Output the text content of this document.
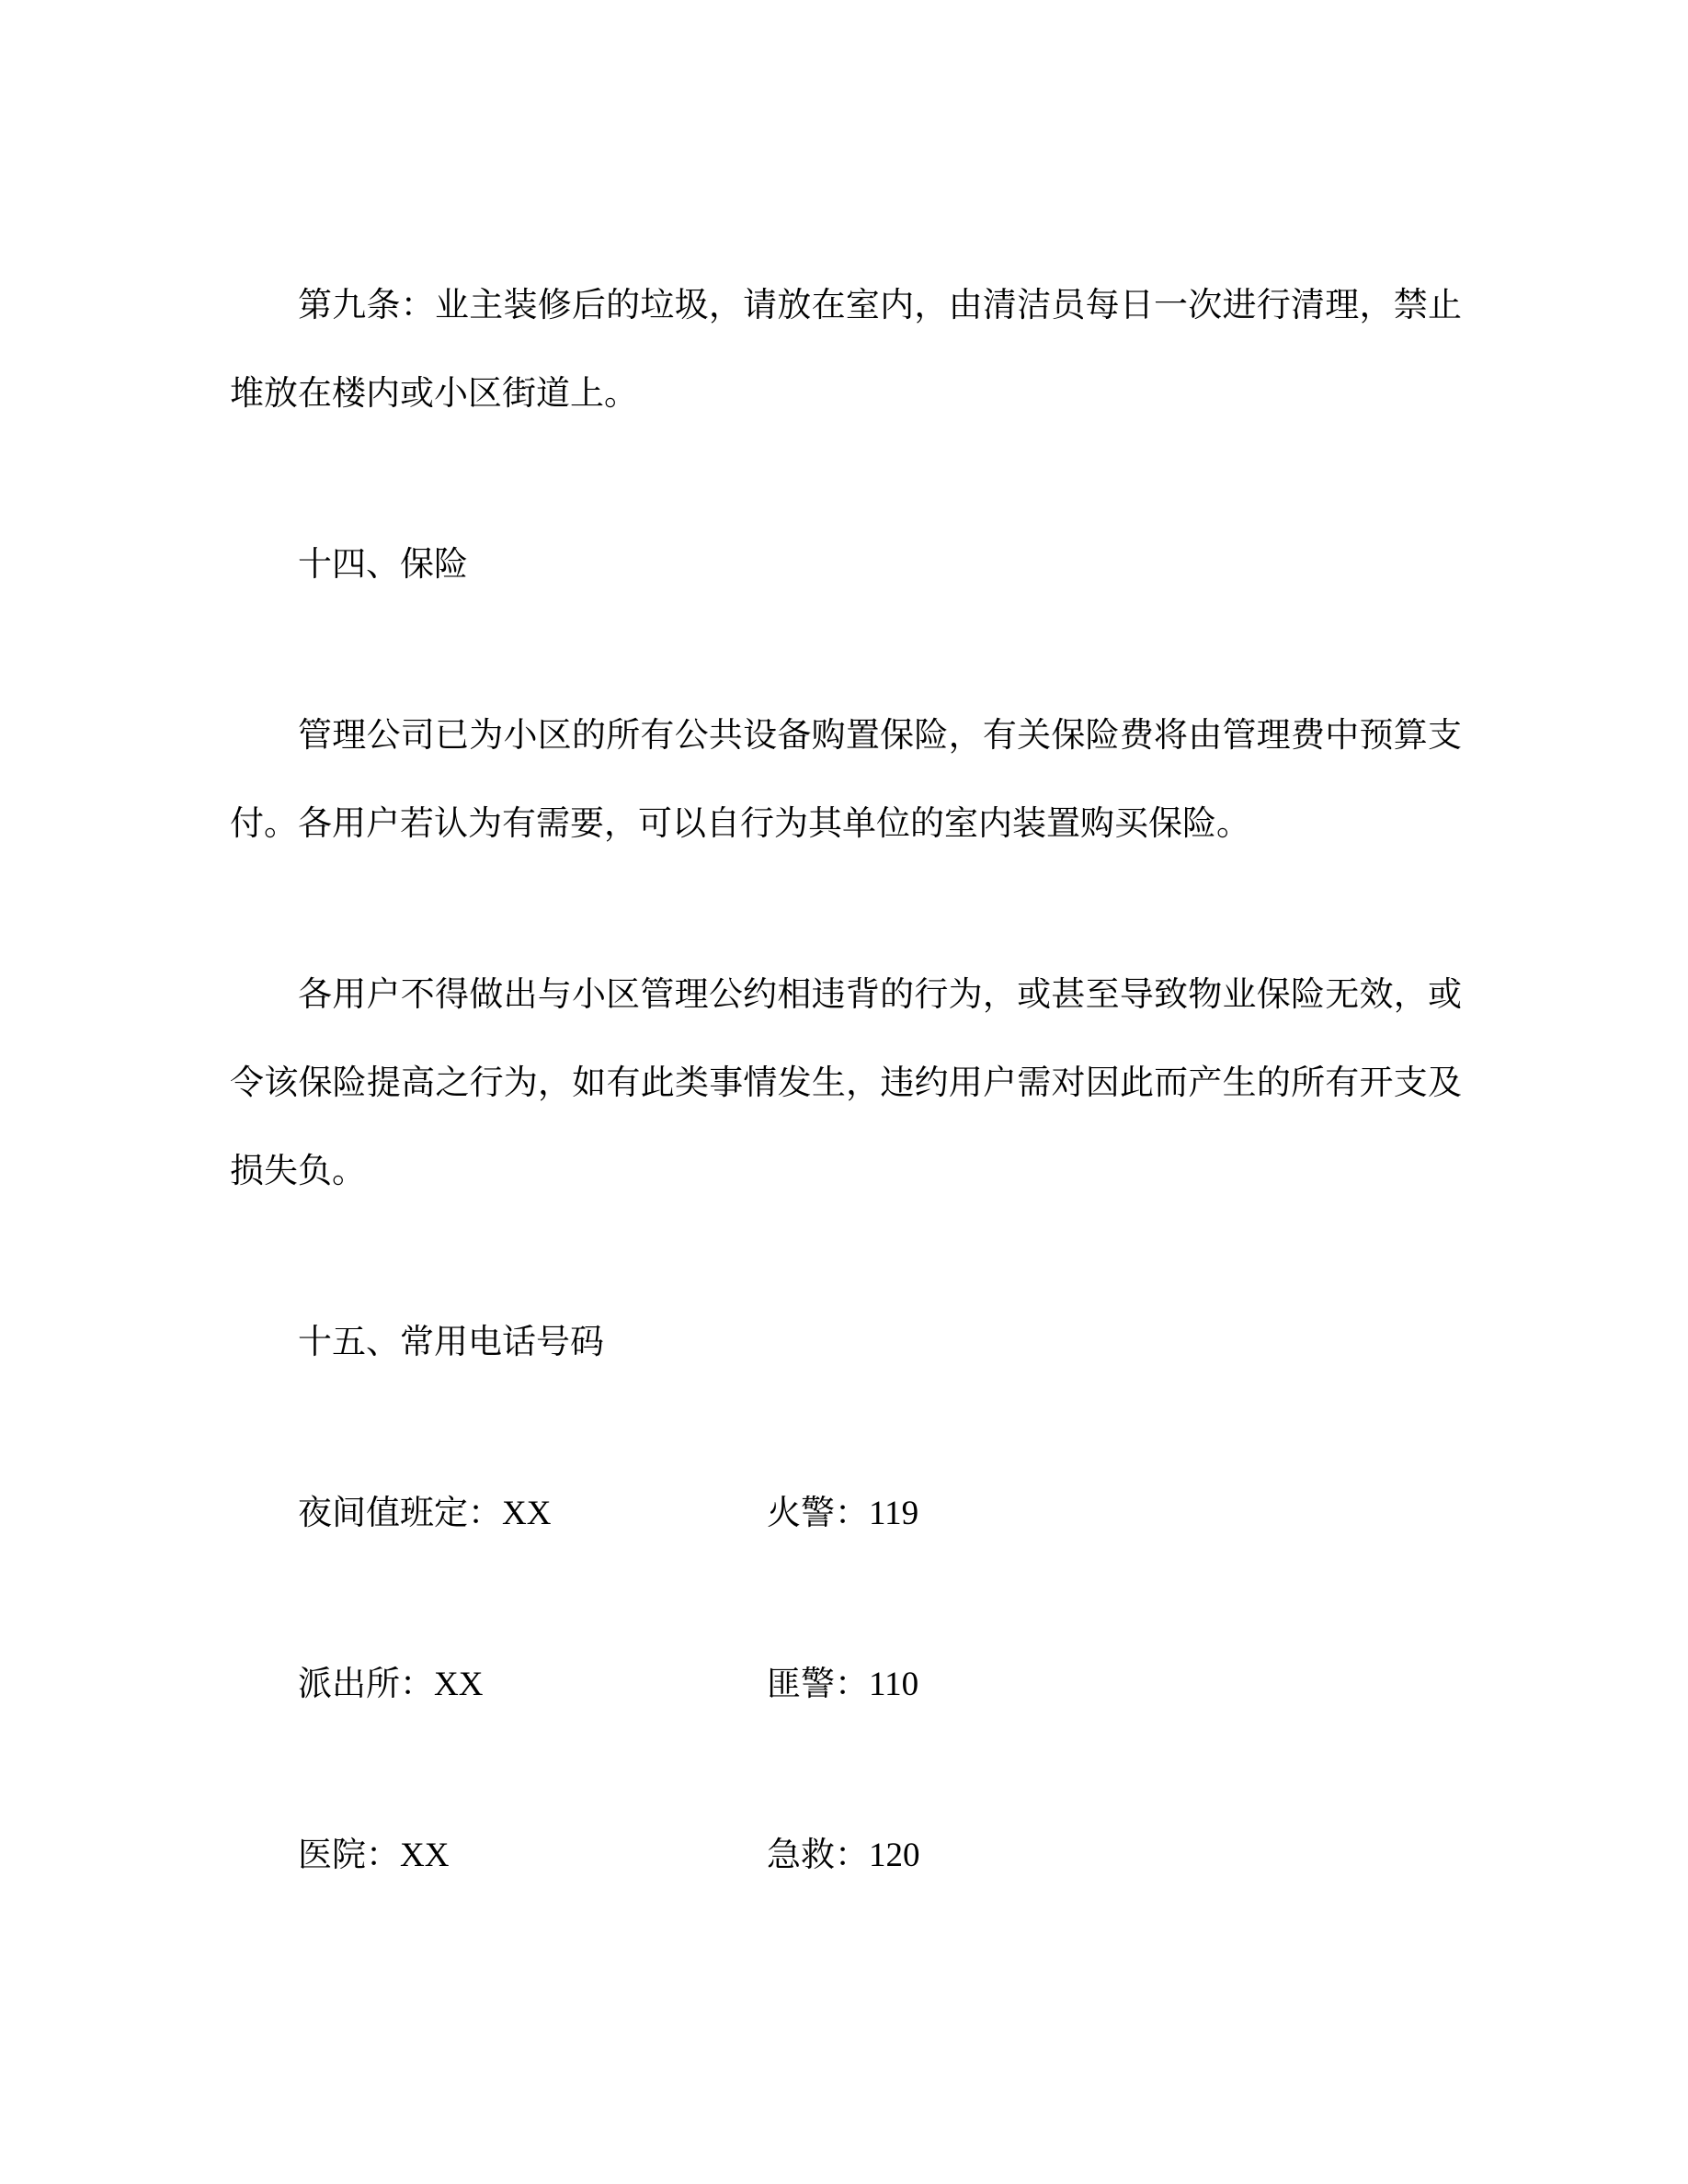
第九条：业主装修后的垃圾，请放在室内，由清洁员每日一次进行清理，禁止堆放在楼内或小区街道上。

十四、保险

管理公司已为小区的所有公共设备购置保险，有关保险费将由管理费中预算支付。各用户若认为有需要，可以自行为其单位的室内装置购买保险。

各用户不得做出与小区管理公约相违背的行为，或甚至导致物业保险无效，或令该保险提高之行为，如有此类事情发生，违约用户需对因此而产生的所有开支及损失负。

十五、常用电话号码

夜间值班定：XX	火警：119

派出所：XX	匪警：110

医院：XX	急救：120
